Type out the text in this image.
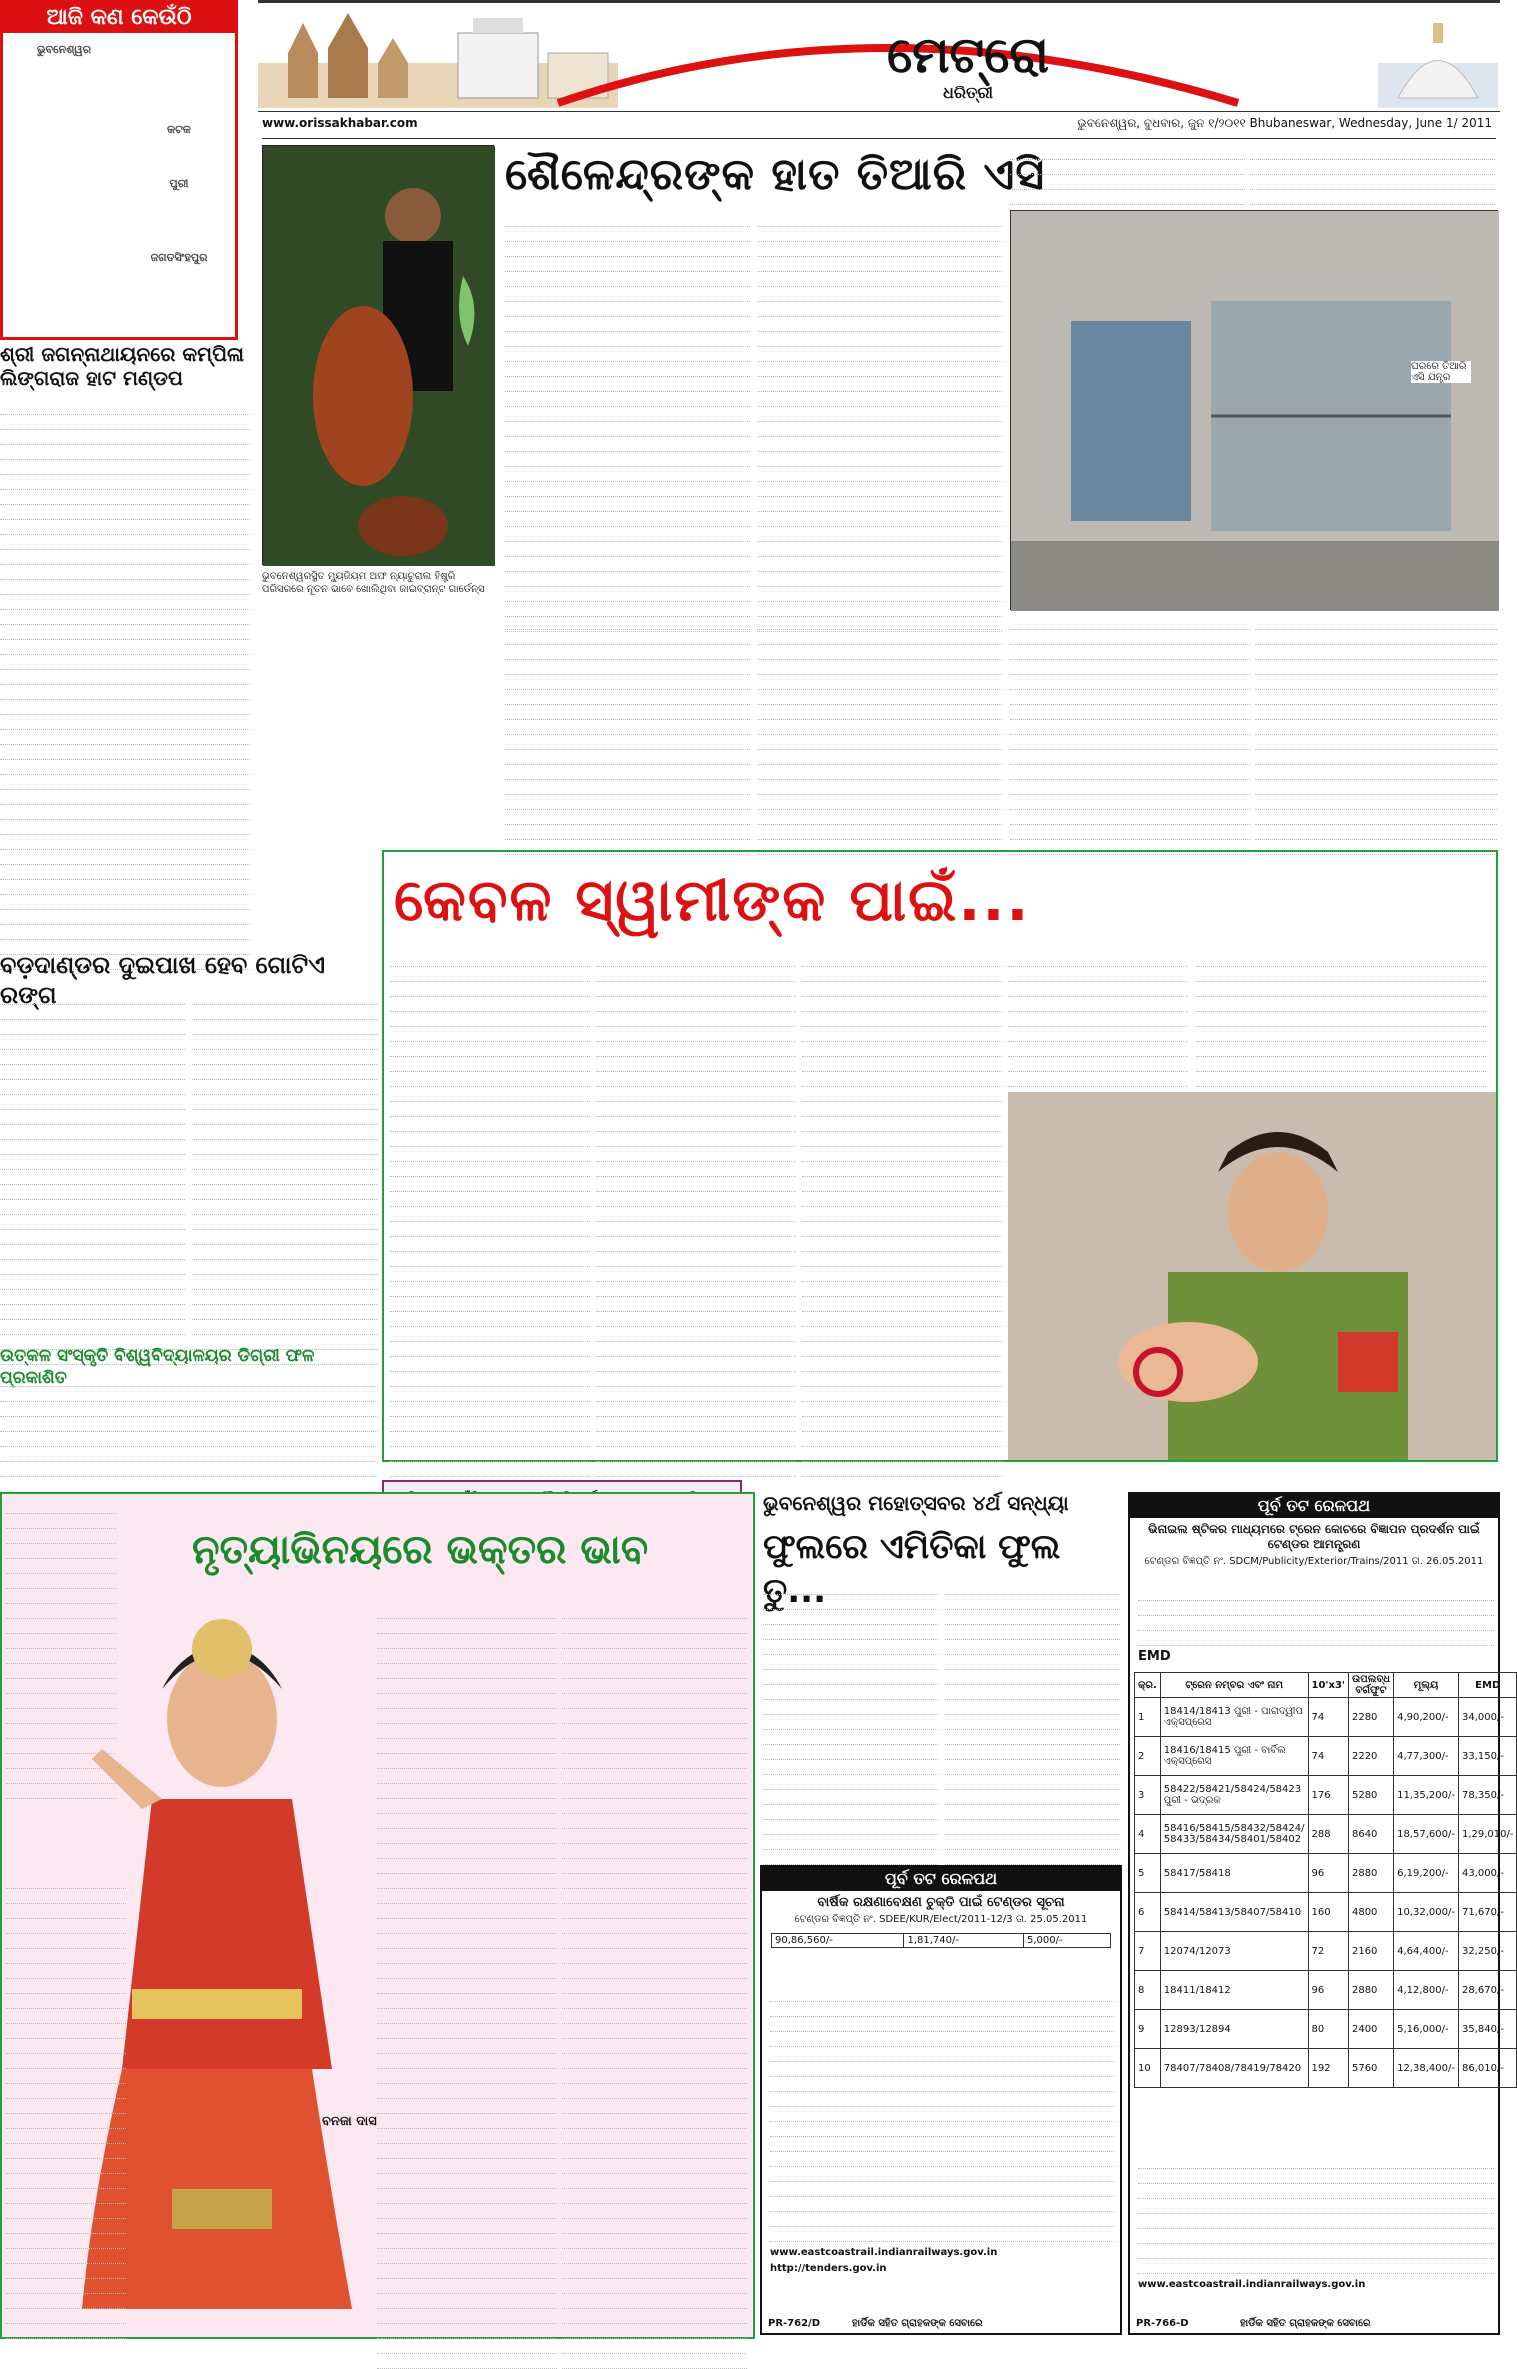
ଆଜି କଣ କେଉଁଠି
ଭୁବନେଶ୍ୱର
କଟକ
ପୁରୀ
ଜଗତସିଂହପୁର
ମେଟ୍ରୋ
ଧରିତ୍ରୀ
www.orissakhabar.com	ଭୁବନେଶ୍ୱର, ବୁଧବାର, ଜୁନ ୧/୨୦୧୧ Bhubaneswar, Wednesday, June 1/ 2011
ଶ୍ରୀ ଜଗନ୍ନାଥାୟନରେ କମ୍ପିଳା ଲିଙ୍ଗରାଜ ହାଟ ମଣ୍ଡପ
ଭୁବନେଶ୍ୱରସ୍ଥିତ ମ୍ୟୁଜିୟମ ଅଫ ନ୍ୟାଚୁରାଲ ହିଷ୍ଟ୍ରି ପରିସରରେ ନୂତନ ଭାବେ ଖୋଲିଥିବା ଜାଇବ୍ରାନ୍ଟ ଗାର୍ଡେନ୍ସ
ଶୈଳେନ୍ଦ୍ରଙ୍କ ହାତ ତିଆରି ଏସି
ଘରରେ ତିଆରି ଏସି ଯନ୍ତ୍ର
କେବଳ ସ୍ୱାମୀଙ୍କ ପାଇଁ...
ବଡ଼ଦାଣ୍ଡର ଦୁଇପାଖ ହେବ ଗୋଟିଏ ରଙ୍ଗ
ଉତ୍କଳ ସଂସ୍କୃତି ବିଶ୍ୱବିଦ୍ୟାଳୟର ଡିଗ୍ରୀ ଫଳ ପ୍ରକାଶିତ
ନୃତ୍ୟାଭିନୟରେ ଭକ୍ତର ଭାବ
ବନଜା ଦାସ
ଭୁବନେଶ୍ୱର ମହୋତ୍ସବର ୪ର୍ଥ ସନ୍ଧ୍ୟା
ଫୁଲରେ ଏମିତିକା ଫୁଲ ତୁ...
ପୂର୍ବ ତଟ ରେଳପଥ
ବାର୍ଷିକ ରକ୍ଷଣାବେକ୍ଷଣ ଚୁକ୍ତି ପାଇଁ ଟେଣ୍ଡର ସୂଚନା
ଟେଣ୍ଡର ବିଜ୍ଞପ୍ତି ନଂ. SDEE/KUR/Elect/2011-12/3 ତା. 25.05.2011
90,86,560/-	1,81,740/-	5,000/-
www.eastcoastrail.indianrailways.gov.in
http://tenders.gov.in
PR-762/D	ହାର୍ଡିକ ସହିତ ଗ୍ରାହକଙ୍କ ସେବାରେ
ପୂର୍ବ ତଟ ରେଳପଥ
ଭିନାଇଲ ଷ୍ଟିକର ମାଧ୍ୟମରେ ଟ୍ରେନ କୋଚରେ ବିଜ୍ଞାପନ ପ୍ରଦର୍ଶନ ପାଇଁ ଟେଣ୍ଡର ଆମନ୍ତ୍ରଣ
ଟେଣ୍ଡର ବିଜ୍ଞପ୍ତି ନଂ. SDCM/Publicity/Exterior/Trains/2011 ତା. 26.05.2011
EMD
କ୍ର.	ଟ୍ରେନ ନମ୍ବର ଏବଂ ନାମ	10'x3'	ଉପଲବ୍ଧ ବର୍ଗଫୁଟ	ମୂଲ୍ୟ	EMD
1	18414/18413 ପୁରୀ - ପାରାଦ୍ୱୀପ ଏକ୍ସପ୍ରେସ	74	2280	4,90,200/-	34,000/-
2	18416/18415 ପୁରୀ - ବାର୍ବିଲ ଏକ୍ସପ୍ରେସ	74	2220	4,77,300/-	33,150/-
3	58422/58421/58424/58423 ପୁରୀ - ଭଦ୍ରକ	176	5280	11,35,200/-	78,350/-
4	58416/58415/58432/58424/ 58433/58434/58401/58402	288	8640	18,57,600/-	1,29,010/-
5	58417/58418	96	2880	6,19,200/-	43,000/-
6	58414/58413/58407/58410	160	4800	10,32,000/-	71,670/-
7	12074/12073	72	2160	4,64,400/-	32,250/-
8	18411/18412	96	2880	4,12,800/-	28,670/-
9	12893/12894	80	2400	5,16,000/-	35,840/-
10	78407/78408/78419/78420	192	5760	12,38,400/-	86,010/-
www.eastcoastrail.indianrailways.gov.in
PR-766-D	ହାର୍ଡିକ ସହିତ ଗ୍ରାହକଙ୍କ ସେବାରେ
